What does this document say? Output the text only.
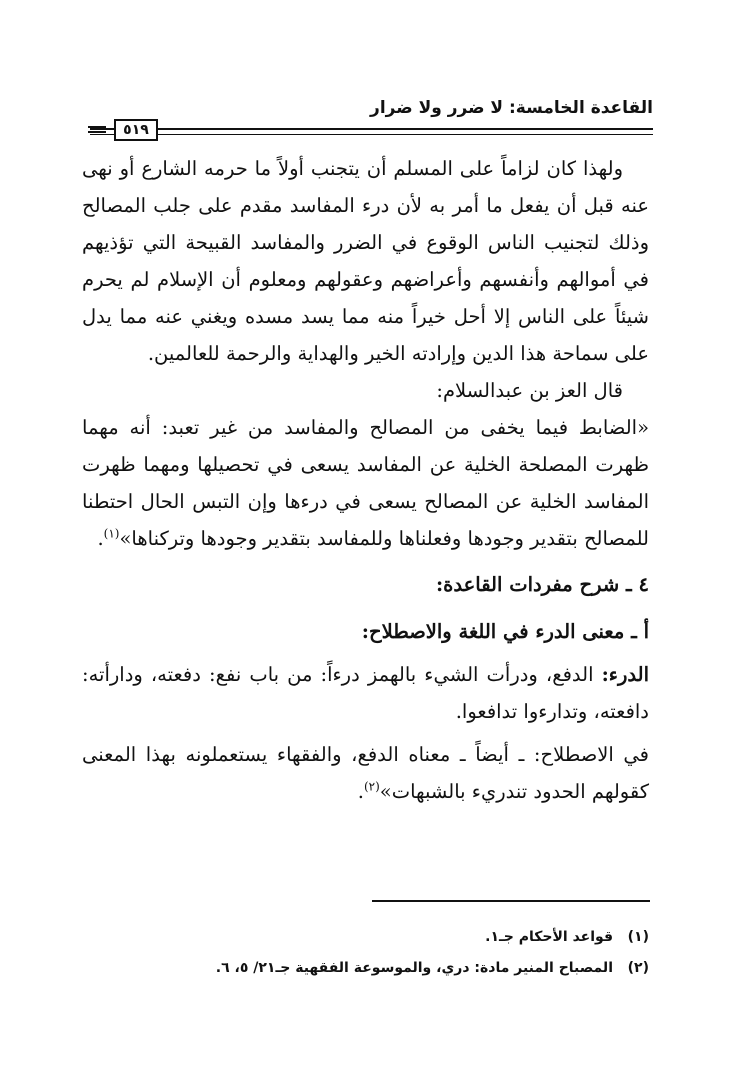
القاعدة الخامسة: لا ضرر ولا ضرار
٥١٩

ولهذا كان لزاماً على المسلم أن يتجنب أولاً ما حرمه الشارع أو نهى عنه قبل أن يفعل ما أمر به لأن درء المفاسد مقدم على جلب المصالح وذلك لتجنيب الناس الوقوع في الضرر والمفاسد القبيحة التي تؤذيهم في أموالهم وأنفسهم وأعراضهم وعقولهم ومعلوم أن الإسلام لم يحرم شيئاً على الناس إلا أحل خيراً منه مما يسد مسده ويغني عنه مما يدل على سماحة هذا الدين وإرادته الخير والهداية والرحمة للعالمين.

قال العز بن عبدالسلام:

«الضابط فيما يخفى من المصالح والمفاسد من غير تعبد: أنه مهما ظهرت المصلحة الخلية عن المفاسد يسعى في تحصيلها ومهما ظهرت المفاسد الخلية عن المصالح يسعى في درءها وإن التبس الحال احتطنا للمصالح بتقدير وجودها وفعلناها وللمفاسد بتقدير وجودها وتركناها»$^{(١)}$.

٤ ـ شرح مفردات القاعدة:

أ ـ معنى الدرء في اللغة والاصطلاح:

الدرء: الدفع، ودرأت الشيء بالهمز درءاً: من باب نفع: دفعته، ودارأته: دافعته، وتدارءوا تدافعوا.

في الاصطلاح: ـ أيضاً ـ معناه الدفع، والفقهاء يستعملونه بهذا المعنى كقولهم الحدود تندريء بالشبهات»$^{(٢)}$.

(١)قواعد الأحكام جـ١.

(٢)المصباح المنير مادة: دري، والموسوعة الفقهية جـ٢١/ ٥، ٦.
